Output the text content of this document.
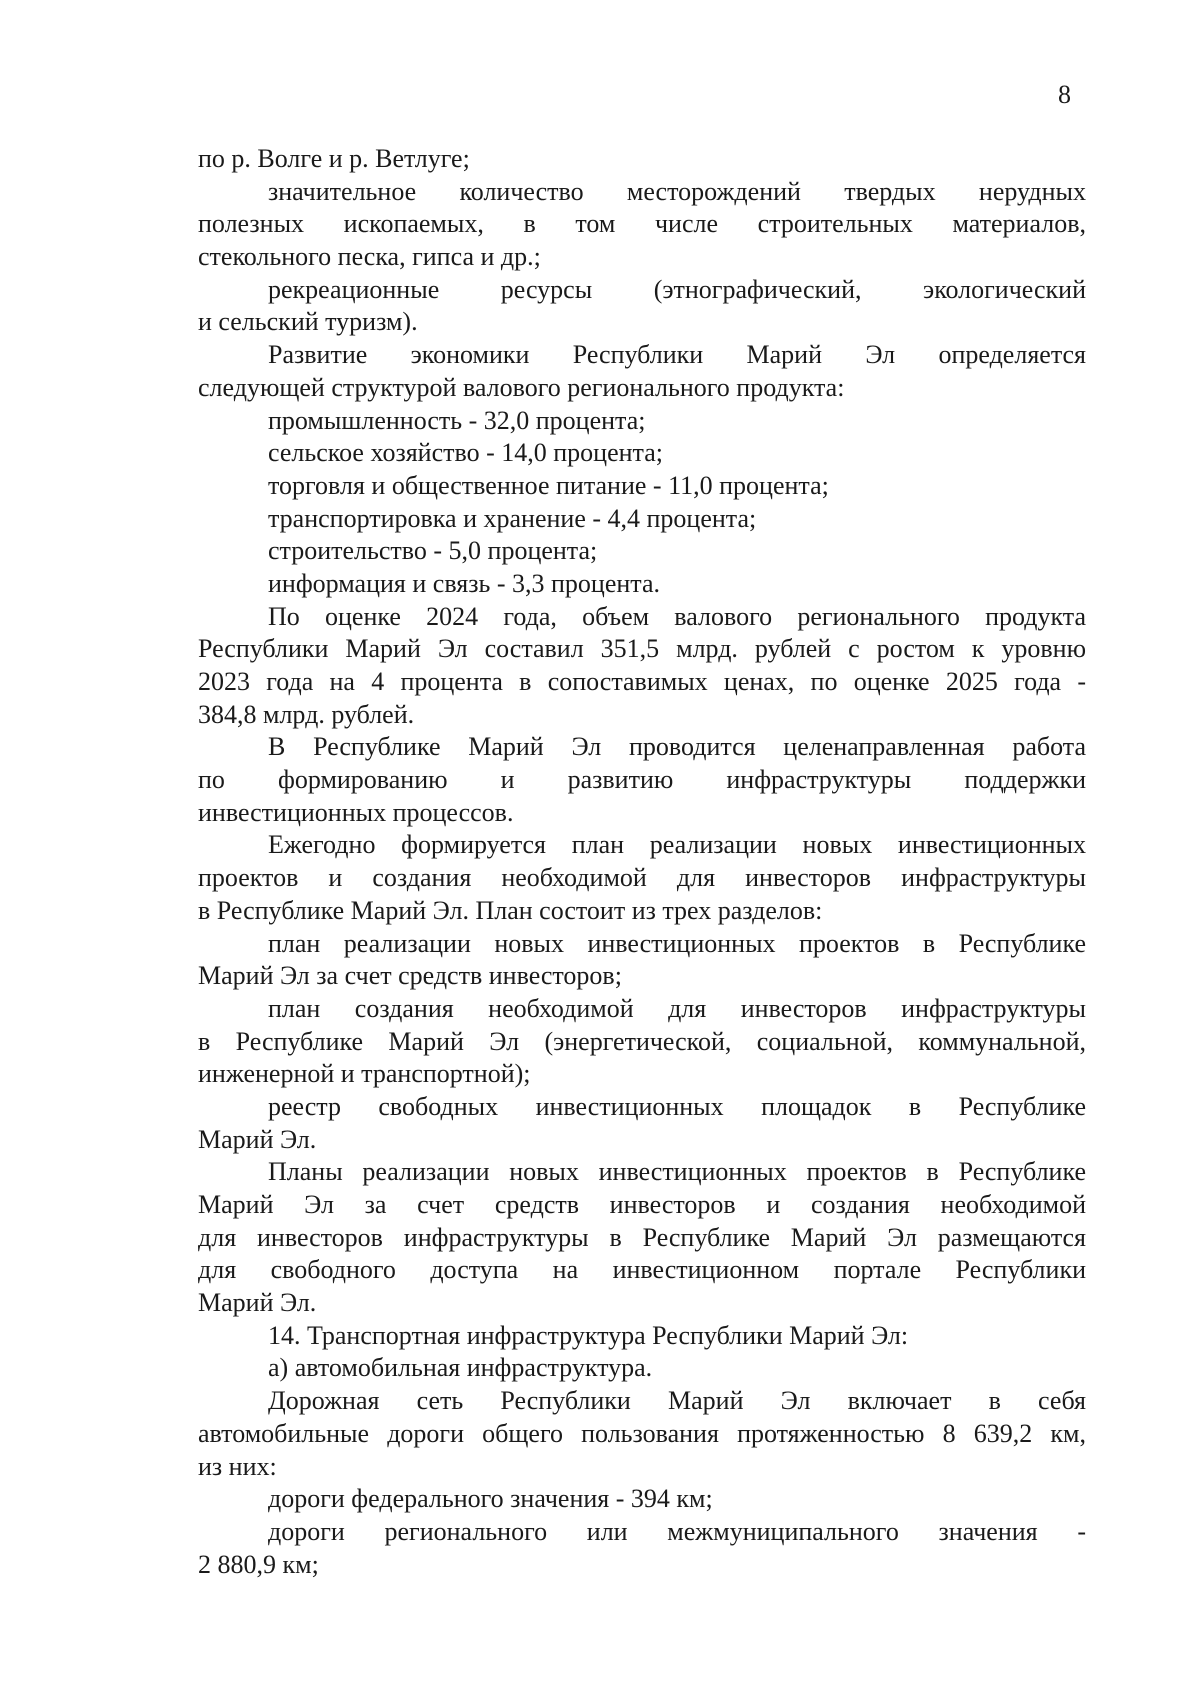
8
по р. Волге и р. Ветлуге;
значительное количество месторождений твердых нерудных
полезных ископаемых, в том числе строительных материалов,
стекольного песка, гипса и др.;
рекреационные ресурсы (этнографический, экологический
и сельский туризм).
Развитие экономики Республики Марий Эл определяется
следующей структурой валового регионального продукта:
промышленность - 32,0 процента;
сельское хозяйство - 14,0 процента;
торговля и общественное питание - 11,0 процента;
транспортировка и хранение - 4,4 процента;
строительство - 5,0 процента;
информация и связь - 3,3 процента.
По оценке 2024 года, объем валового регионального продукта
Республики Марий Эл составил 351,5 млрд. рублей с ростом к уровню
2023 года на 4 процента в сопоставимых ценах, по оценке 2025 года -
384,8 млрд. рублей.
В Республике Марий Эл проводится целенаправленная работа
по формированию и развитию инфраструктуры поддержки
инвестиционных процессов.
Ежегодно формируется план реализации новых инвестиционных
проектов и создания необходимой для инвесторов инфраструктуры
в Республике Марий Эл. План состоит из трех разделов:
план реализации новых инвестиционных проектов в Республике
Марий Эл за счет средств инвесторов;
план создания необходимой для инвесторов инфраструктуры
в Республике Марий Эл (энергетической, социальной, коммунальной,
инженерной и транспортной);
реестр свободных инвестиционных площадок в Республике
Марий Эл.
Планы реализации новых инвестиционных проектов в Республике
Марий Эл за счет средств инвесторов и создания необходимой
для инвесторов инфраструктуры в Республике Марий Эл размещаются
для свободного доступа на инвестиционном портале Республики
Марий Эл.
14. Транспортная инфраструктура Республики Марий Эл:
а) автомобильная инфраструктура.
Дорожная сеть Республики Марий Эл включает в себя
автомобильные дороги общего пользования протяженностью 8 639,2 км,
из них:
дороги федерального значения - 394 км;
дороги регионального или межмуниципального значения -
2 880,9 км;
